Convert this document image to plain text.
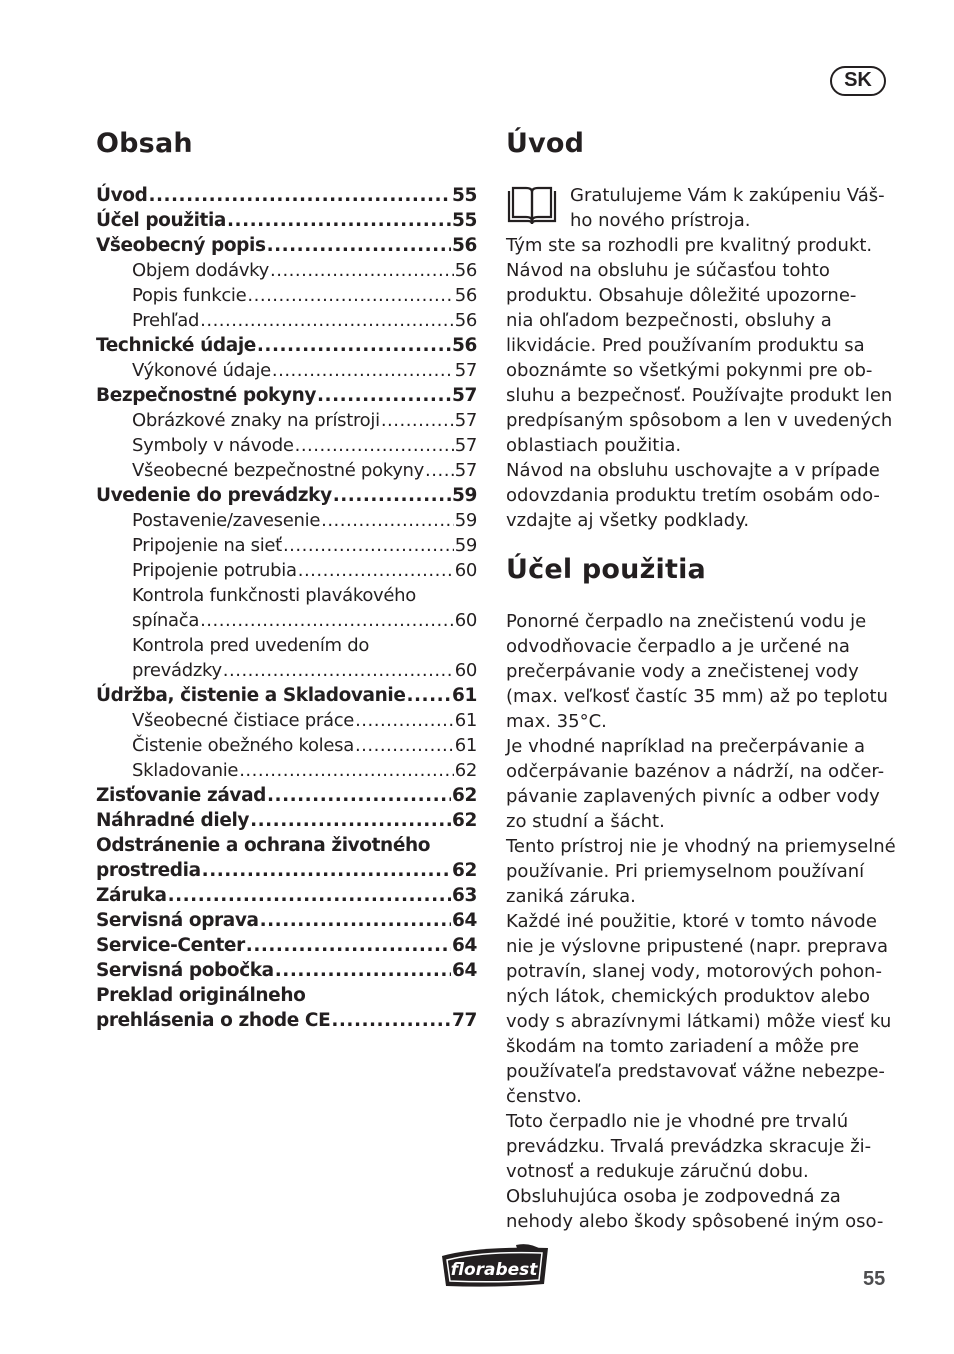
SK
Obsah
Úvod .....	55
Účel použitia .....	55
Všeobecný popis .....	56
Objem dodávky .....	56
Popis funkcie .....	56
Prehľad .....	56
Technické údaje .....	56
Výkonové údaje .....	57
Bezpečnostné pokyny .....	57
Obrázkové znaky na prístroji .....	57
Symboly v návode .....	57
Všeobecné bezpečnostné pokyny ..... 57
Uvedenie do prevádzky .....	59
Postavenie/zavesenie .....	59
Pripojenie na sieť .....	59
Pripojenie potrubia .....	60
Kontrola funkčnosti plavákového
spínača .....	60
Kontrola pred uvedením do
prevádzky .....	60
Údržba, čistenie a Skladovanie .....	61
Všeobecné čistiace práce .....	61
Čistenie obežného kolesa .....	61
Skladovanie .....	62
Zisťovanie závad .....	62
Náhradné diely .....	62
Odstránenie a ochrana životného
prostredia .....	62
Záruka .....	63
Servisná oprava .....	64
Service-Center .....	64
Servisná pobočka .....	64
Preklad originálneho
prehlásenia o zhode CE .....	77
Úvod

Gratulujeme Vám k zakúpeniu Váš-

ho nového prístroja.

Tým ste sa rozhodli pre kvalitný produkt.

Návod na obsluhu je súčasťou tohto

produktu. Obsahuje dôležité upozorne-

nia ohľadom bezpečnosti, obsluhy a

likvidácie. Pred používaním produktu sa

oboznámte so všetkými pokynmi pre ob-

sluhu a bezpečnosť. Používajte produkt len

predpísaným spôsobom a len v uvedených

oblastiach použitia.

Návod na obsluhu uschovajte a v prípade

odovzdania produktu tretím osobám odo-

vzdajte aj všetky podklady.

Účel použitia

Ponorné čerpadlo na znečistenú vodu je

odvodňovacie čerpadlo a je určené na

prečerpávanie vody a znečistenej vody

(max. veľkosť častíc 35 mm) až po teplotu

max. 35°C.

Je vhodné napríklad na prečerpávanie a

odčerpávanie bazénov a nádrží, na odčer-

pávanie zaplavených pivníc a odber vody

zo studní a šácht.

Tento prístroj nie je vhodný na priemyselné

používanie. Pri priemyselnom používaní

zaniká záruka.

Každé iné použitie, ktoré v tomto návode

nie je výslovne pripustené (napr. preprava

potravín, slanej vody, motorových pohon-

ných látok, chemických produktov alebo

vody s abrazívnymi látkami) môže viesť ku

škodám na tomto zariadení a môže pre

používateľa predstavovať vážne nebezpe-

čenstvo.

Toto čerpadlo nie je vhodné pre trvalú

prevádzku. Trvalá prevádzka skracuje ži-

votnosť a redukuje záručnú dobu.

Obsluhujúca osoba je zodpovedná za

nehody alebo škody spôsobené iným oso-

florabest	55
